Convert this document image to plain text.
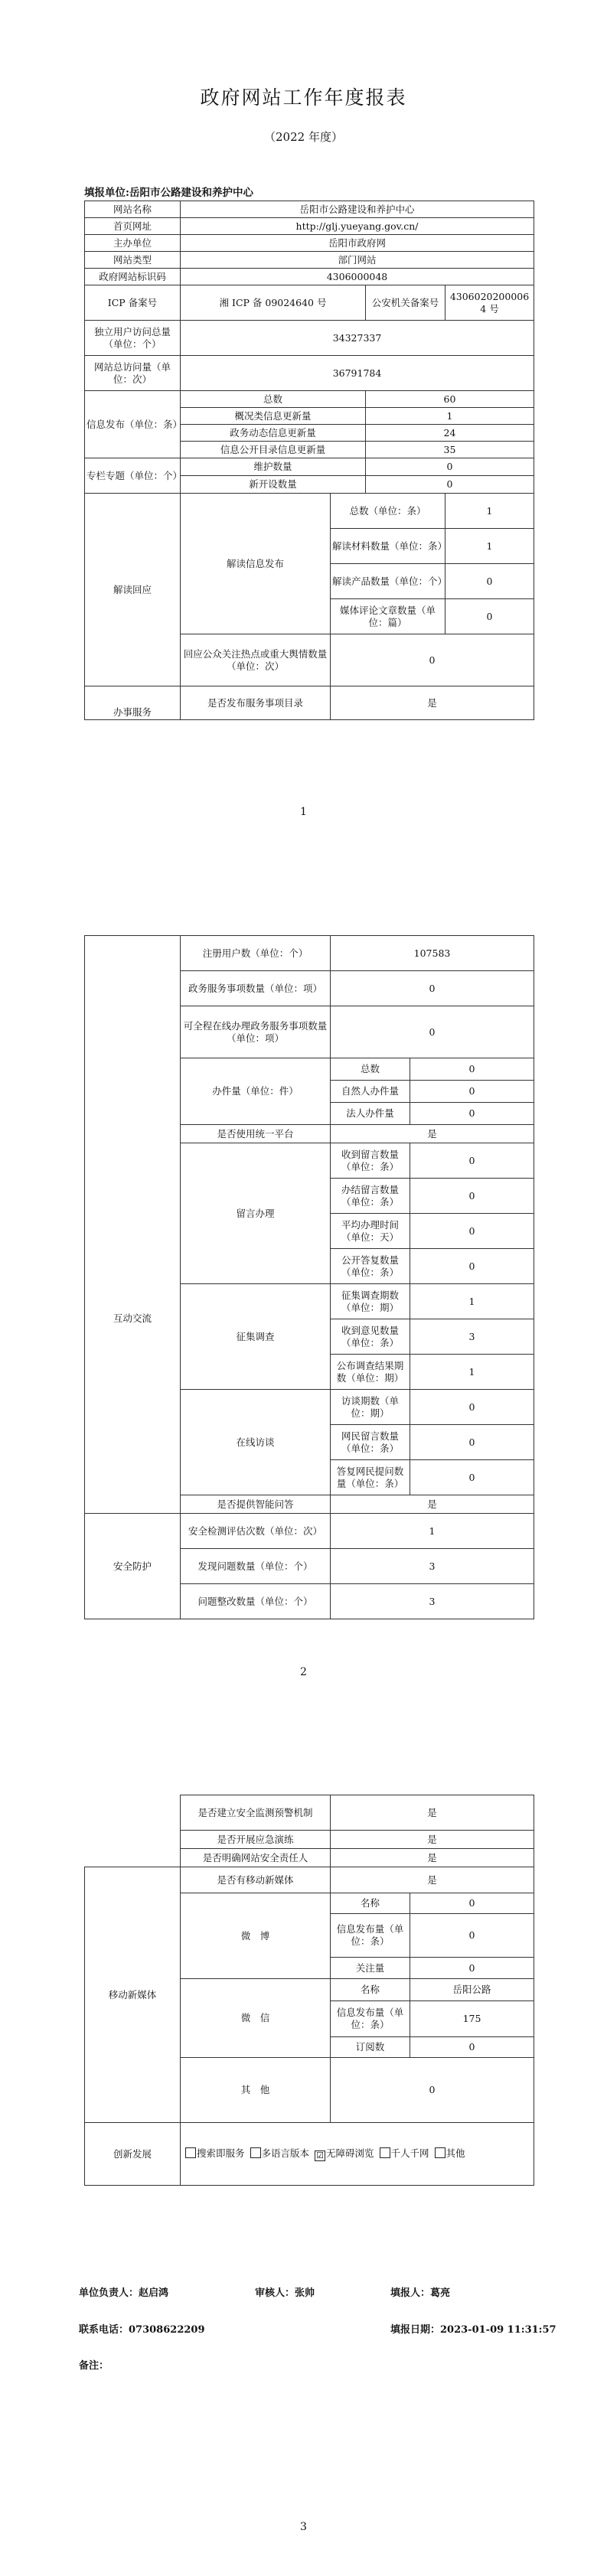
政府网站工作年度报表
（2022 年度）
填报单位:岳阳市公路建设和养护中心
网站名称	岳阳市公路建设和养护中心			
首页网址	http://glj.yueyang.gov.cn/			
主办单位	岳阳市政府网			
网站类型	部门网站			
政府网站标识码	4306000048			
ICP 备案号	湘 ICP 备 09024640 号		公安机关备案号	43060202000064 号
独立用户访问总量（单位：个）	34327337			
网站总访问量（单位：次）	36791784			
信息发布（单位：条）	总数		60	
	概况类信息更新量		1	
	政务动态信息更新量		24	
	信息公开目录信息更新量		35	
专栏专题（单位：个）	维护数量		0	
	新开设数量		0	
解读回应	解读信息发布	总数（单位：条）		1
		解读材料数量（单位：条）		1
		解读产品数量（单位：个）		0
		媒体评论文章数量（单位：篇）		0
	回应公众关注热点或重大舆情数量（单位：次）	0		
办事服务	是否发布服务事项目录	是		
1
	注册用户数（单位：个）	107583	
	政务服务事项数量（单位：项）	0	
	可全程在线办理政务服务事项数量（单位：项）	0	
	办件量（单位：件）	总数	0
		自然人办件量	0
		法人办件量	0
互动交流	是否使用统一平台	是	
	留言办理	收到留言数量（单位：条）	0
		办结留言数量（单位：条）	0
		平均办理时间（单位：天）	0
		公开答复数量（单位：条）	0
	征集调查	征集调查期数（单位：期）	1
		收到意见数量（单位：条）	3
		公布调查结果期数（单位：期）	1
	在线访谈	访谈期数（单位：期）	0
		网民留言数量（单位：条）	0
		答复网民提问数量（单位：条）	0
	是否提供智能问答	是	
安全防护	安全检测评估次数（单位：次）	1	
	发现问题数量（单位：个）	3	
	问题整改数量（单位：个）	3	
2
	是否建立安全监测预警机制	是	
	是否开展应急演练	是	
	是否明确网站安全责任人	是	
移动新媒体	是否有移动新媒体	是	
	微　博	名称	0
		信息发布量（单位：条）	0
		关注量	0
	微　信	名称	岳阳公路
		信息发布量（单位：条）	175
		订阅数	0
	其　他	0	
创新发展	搜索即服务 多语言版本 ☑ 无障碍浏览 千人千网 其他		
单位负责人：赵启鸿	审核人：张帅	填报人：葛亮
联系电话：07308622209	填报日期：2023-01-09 11:31:57
备注：
3
